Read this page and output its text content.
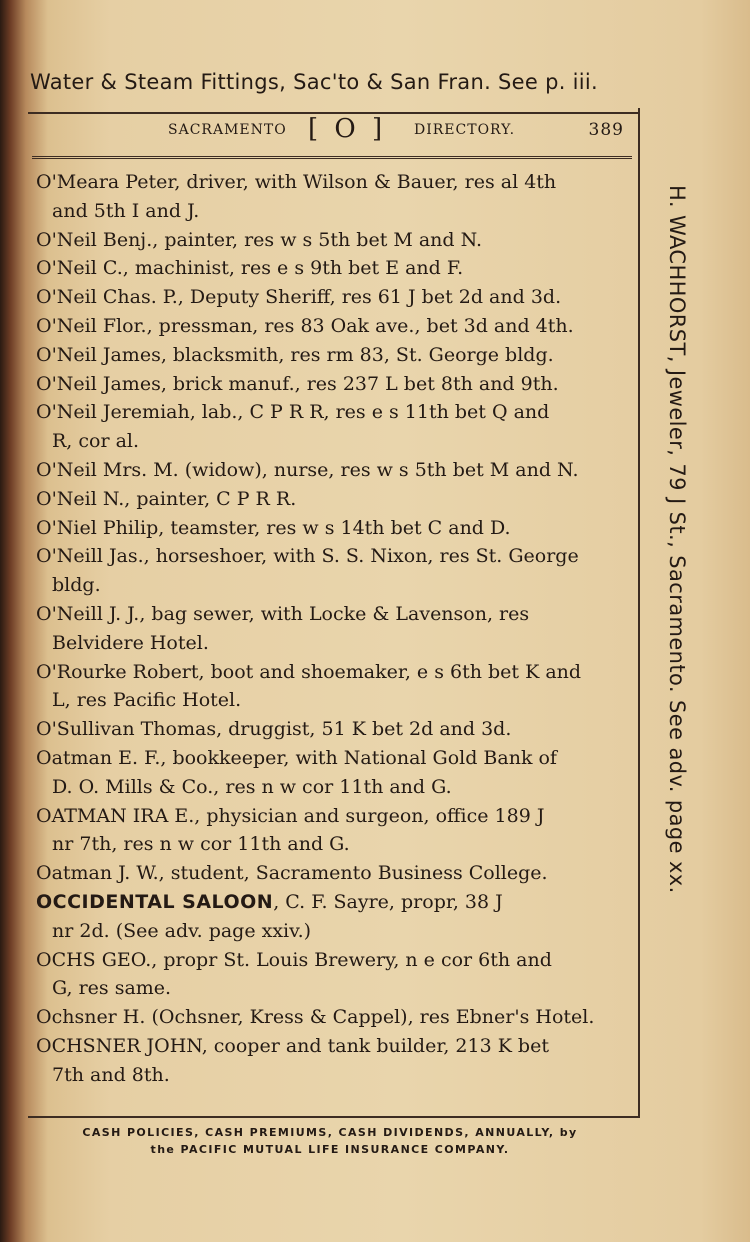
Water & Steam Fittings, Sac'to & San Fran. See p. iii.
SACRAMENTO [ O ] DIRECTORY.	389
O'Meara Peter, driver, with Wilson & Bauer, res al 4th
and 5th I and J.
O'Neil Benj., painter, res w s 5th bet M and N.
O'Neil C., machinist, res e s 9th bet E and F.
O'Neil Chas. P., Deputy Sheriff, res 61 J bet 2d and 3d.
O'Neil Flor., pressman, res 83 Oak ave., bet 3d and 4th.
O'Neil James, blacksmith, res rm 83, St. George bldg.
O'Neil James, brick manuf., res 237 L bet 8th and 9th.
O'Neil Jeremiah, lab., C P R R, res e s 11th bet Q and
R, cor al.
O'Neil Mrs. M. (widow), nurse, res w s 5th bet M and N.
O'Neil N., painter, C P R R.
O'Niel Philip, teamster, res w s 14th bet C and D.
O'Neill Jas., horseshoer, with S. S. Nixon, res St. George
bldg.
O'Neill J. J., bag sewer, with Locke & Lavenson, res
Belvidere Hotel.
O'Rourke Robert, boot and shoemaker, e s 6th bet K and
L, res Pacific Hotel.
O'Sullivan Thomas, druggist, 51 K bet 2d and 3d.
Oatman E. F., bookkeeper, with National Gold Bank of
D. O. Mills & Co., res n w cor 11th and G.
OATMAN IRA E., physician and surgeon, office 189 J
nr 7th, res n w cor 11th and G.
Oatman J. W., student, Sacramento Business College.
OCCIDENTAL SALOON, C. F. Sayre, propr, 38 J
nr 2d. (See adv. page xxiv.)
OCHS GEO., propr St. Louis Brewery, n e cor 6th and
G, res same.
Ochsner H. (Ochsner, Kress & Cappel), res Ebner's Hotel.
OCHSNER JOHN, cooper and tank builder, 213 K bet
7th and 8th.
H. WACHHORST, Jeweler, 79 J St., Sacramento. See adv. page xx.
CASH POLICIES, CASH PREMIUMS, CASH DIVIDENDS, ANNUALLY, by
the PACIFIC MUTUAL LIFE INSURANCE COMPANY.
